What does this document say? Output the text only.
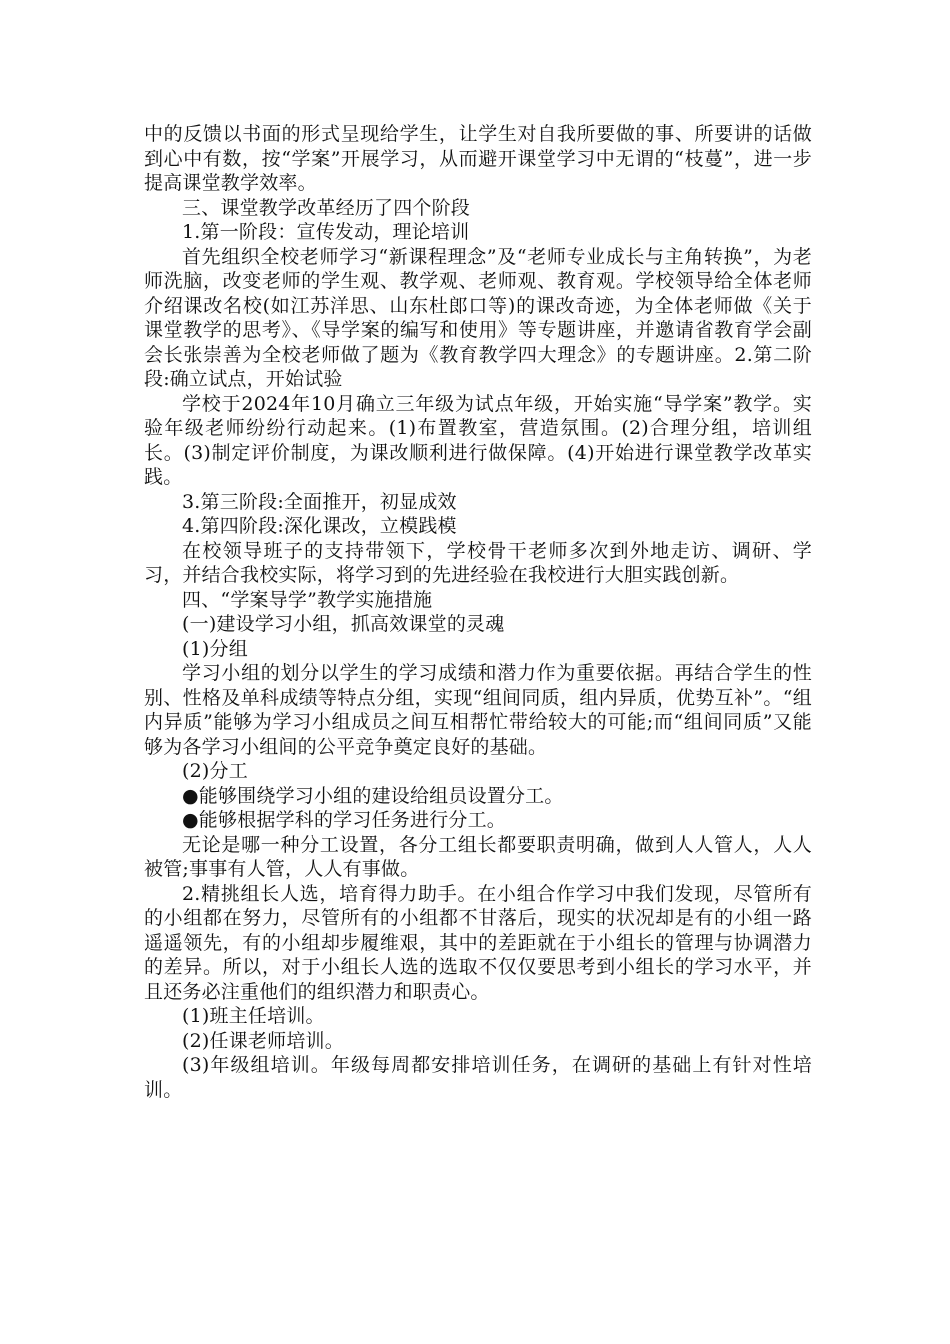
中的反馈以书面的形式呈现给学生，让学生对自我所要做的事、所要讲的话做到心中有数，按“学案”开展学习，从而避开课堂学习中无谓的“枝蔓”，进一步提高课堂教学效率。

三、课堂教学改革经历了四个阶段

1.第一阶段：宣传发动，理论培训

首先组织全校老师学习“新课程理念”及“老师专业成长与主角转换”，为老师洗脑，改变老师的学生观、教学观、老师观、教育观。学校领导给全体老师介绍课改名校(如江苏洋思、山东杜郎口等)的课改奇迹，为全体老师做《关于课堂教学的思考》、《导学案的编写和使用》等专题讲座，并邀请省教育学会副会长张崇善为全校老师做了题为《教育教学四大理念》的专题讲座。2.第二阶段:确立试点，开始试验

学校于2024年10月确立三年级为试点年级，开始实施“导学案”教学。实验年级老师纷纷行动起来。(1)布置教室，营造氛围。(2)合理分组，培训组长。(3)制定评价制度，为课改顺利进行做保障。(4)开始进行课堂教学改革实践。

3.第三阶段:全面推开，初显成效

4.第四阶段:深化课改，立模践模

在校领导班子的支持带领下，学校骨干老师多次到外地走访、调研、学习，并结合我校实际，将学习到的先进经验在我校进行大胆实践创新。

四、“学案导学”教学实施措施

(一)建设学习小组，抓高效课堂的灵魂

(1)分组

学习小组的划分以学生的学习成绩和潜力作为重要依据。再结合学生的性别、性格及单科成绩等特点分组，实现“组间同质，组内异质，优势互补”。“组内异质”能够为学习小组成员之间互相帮忙带给较大的可能;而“组间同质”又能够为各学习小组间的公平竞争奠定良好的基础。

(2)分工

●能够围绕学习小组的建设给组员设置分工。

●能够根据学科的学习任务进行分工。

无论是哪一种分工设置，各分工组长都要职责明确，做到人人管人，人人被管;事事有人管，人人有事做。

2.精挑组长人选，培育得力助手。在小组合作学习中我们发现，尽管所有的小组都在努力，尽管所有的小组都不甘落后，现实的状况却是有的小组一路遥遥领先，有的小组却步履维艰，其中的差距就在于小组长的管理与协调潜力的差异。所以，对于小组长人选的选取不仅仅要思考到小组长的学习水平，并且还务必注重他们的组织潜力和职责心。

(1)班主任培训。

(2)任课老师培训。

(3)年级组培训。年级每周都安排培训任务，在调研的基础上有针对性培训。
